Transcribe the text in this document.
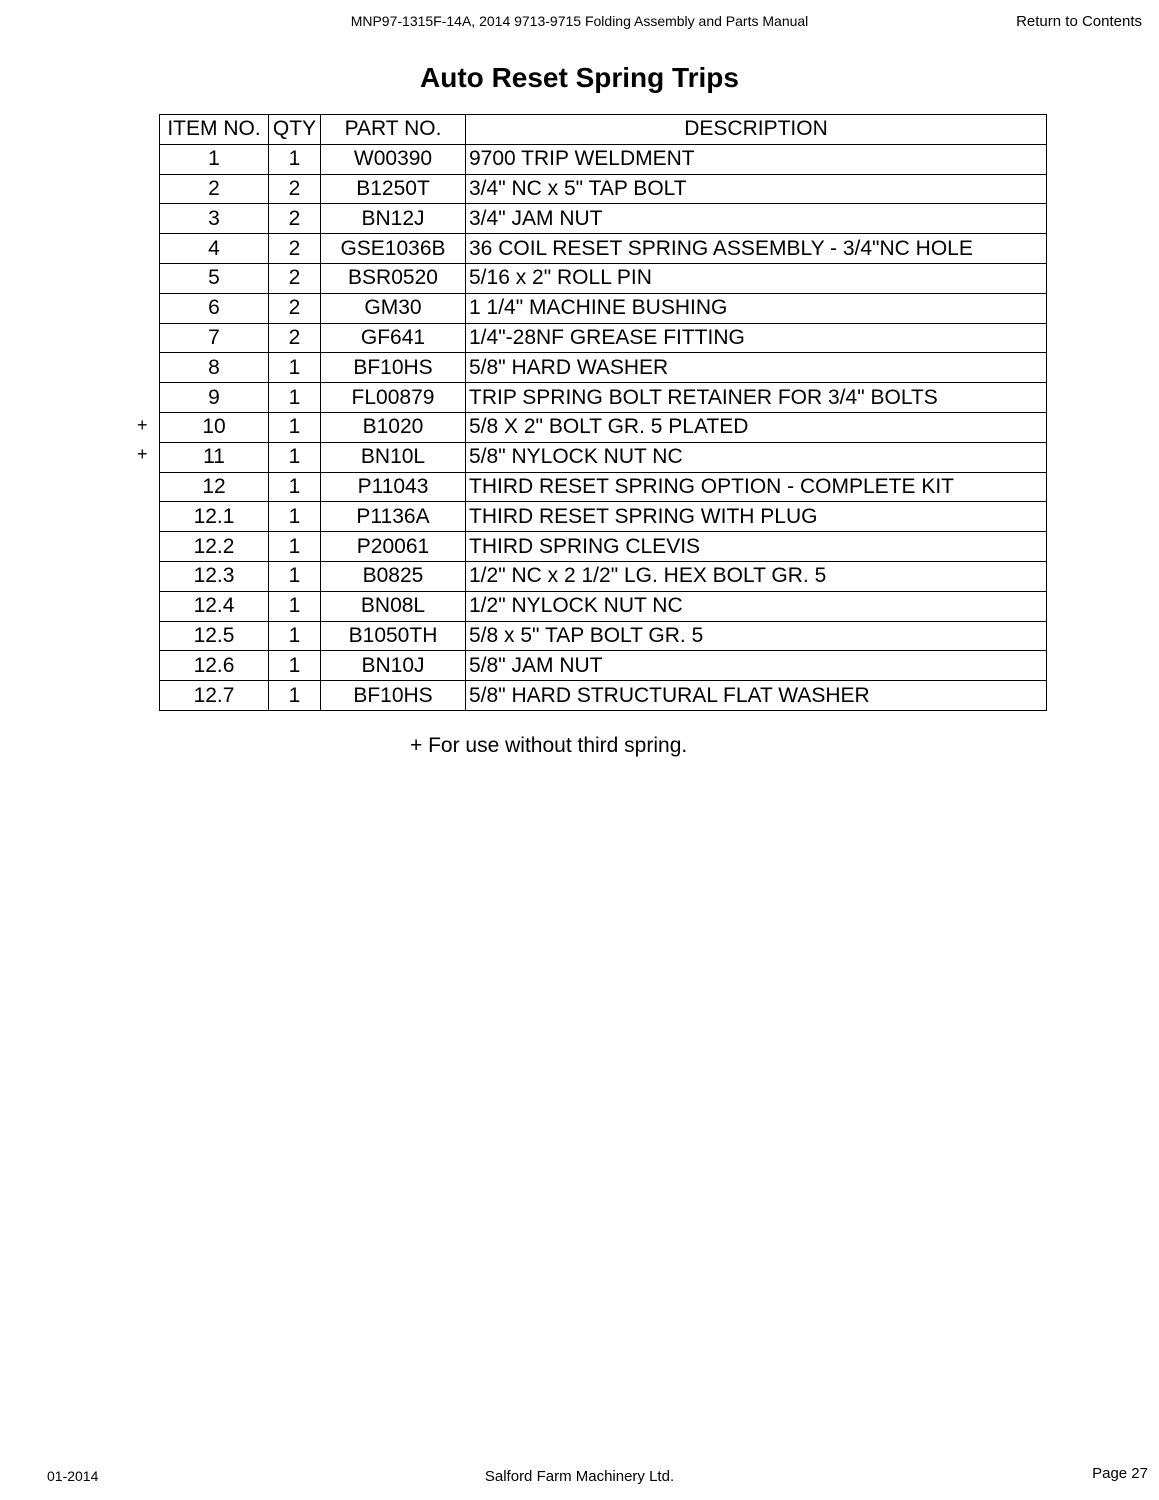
MNP97-1315F-14A, 2014 9713-9715 Folding Assembly and Parts Manual	Return to Contents
Auto Reset Spring Trips
ITEM NO.	QTY	PART NO.	DESCRIPTION
1	1	W00390	9700 TRIP WELDMENT
2	2	B1250T	3/4" NC x 5" TAP BOLT
3	2	BN12J	3/4" JAM NUT
4	2	GSE1036B	36 COIL RESET SPRING ASSEMBLY - 3/4"NC HOLE
5	2	BSR0520	5/16 x 2" ROLL PIN
6	2	GM30	1 1/4" MACHINE BUSHING
7	2	GF641	1/4"-28NF GREASE FITTING
8	1	BF10HS	5/8" HARD WASHER
9	1	FL00879	TRIP SPRING BOLT RETAINER FOR 3/4" BOLTS
10	1	B1020	5/8 X 2" BOLT GR. 5 PLATED
11	1	BN10L	5/8" NYLOCK NUT NC
12	1	P11043	THIRD RESET SPRING OPTION - COMPLETE KIT
12.1	1	P1136A	THIRD RESET SPRING WITH PLUG
12.2	1	P20061	THIRD SPRING CLEVIS
12.3	1	B0825	1/2" NC x 2 1/2" LG. HEX BOLT GR. 5
12.4	1	BN08L	1/2" NYLOCK NUT NC
12.5	1	B1050TH	5/8 x 5" TAP BOLT GR. 5
12.6	1	BN10J	5/8" JAM NUT
12.7	1	BF10HS	5/8" HARD STRUCTURAL FLAT WASHER
+
+
+ For use without third spring.
01-2014	Salford Farm Machinery Ltd.	Page 27
